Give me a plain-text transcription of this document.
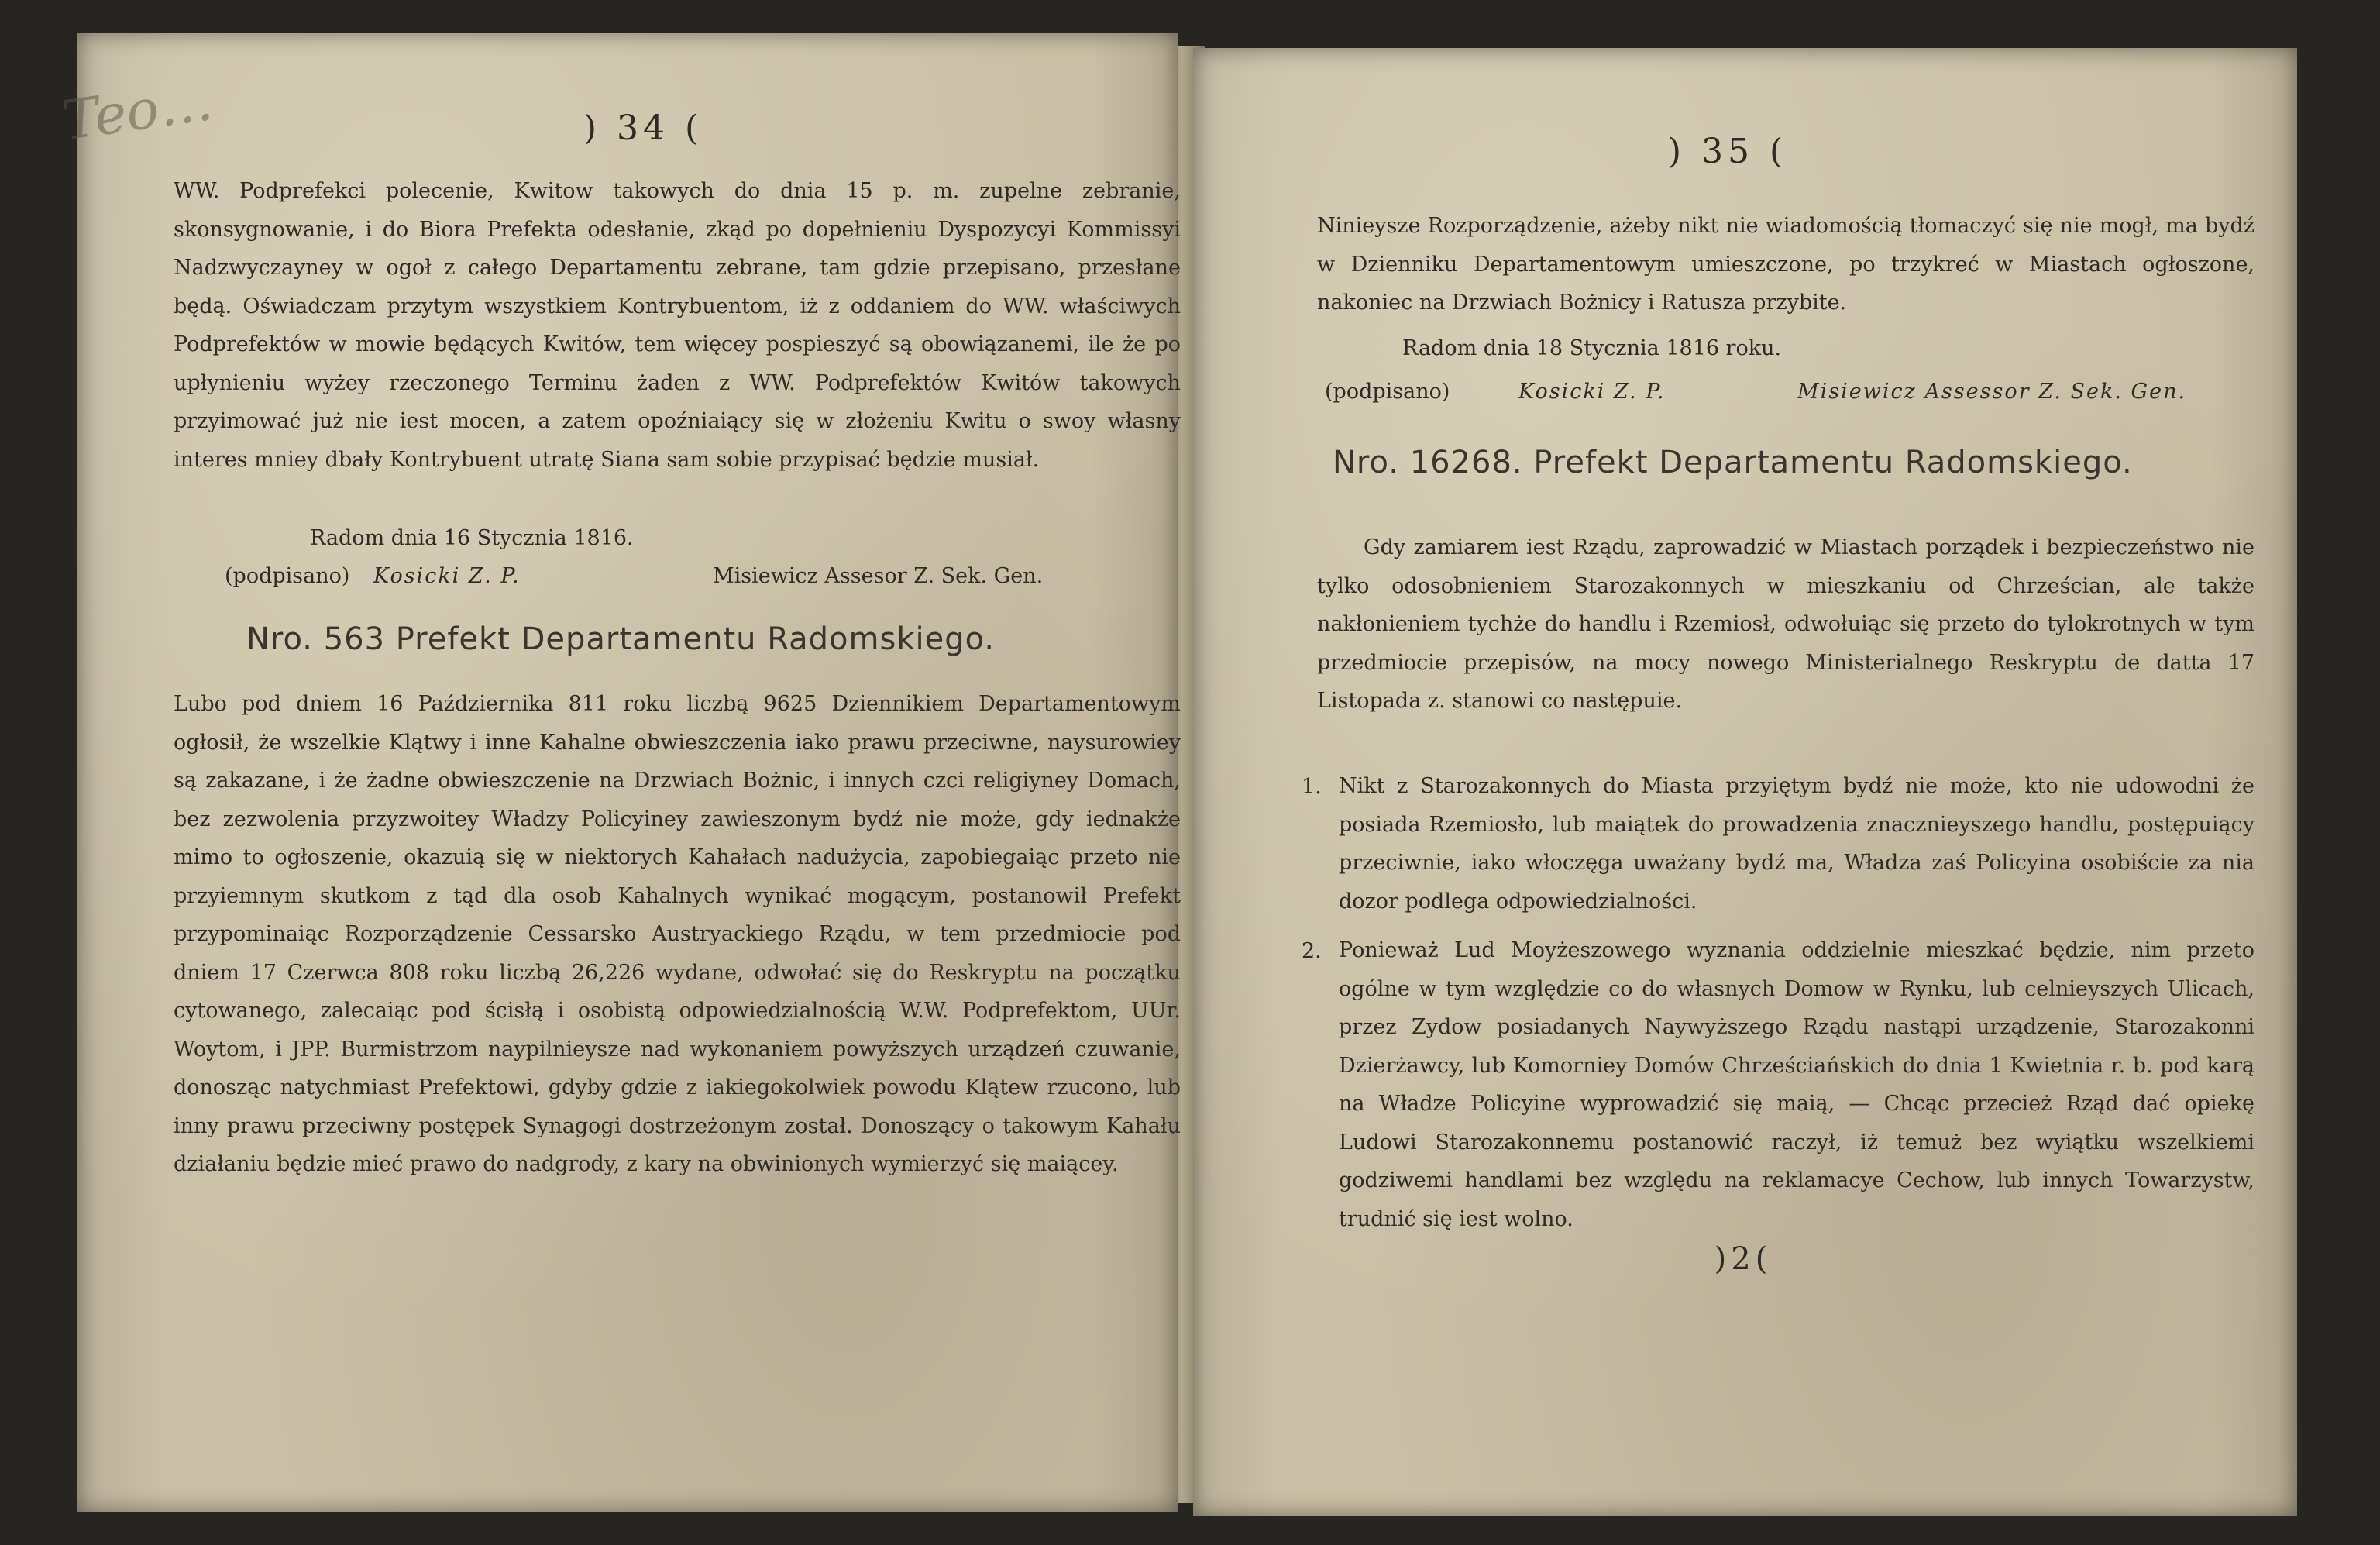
Teo…	) 34 (

WW. Podprefekci polecenie, Kwitow takowych do dnia 15 p. m. zupelne zebranie, skonsygnowanie, i do Biora Prefekta odesłanie, zkąd po dopełnieniu Dyspozycyi Kommissyi Nadzwyczayney w ogoł z całego Departamentu zebrane, tam gdzie przepisano, przesłane będą. Oświadczam przytym wszystkiem Kontrybuentom, iż z oddaniem do WW. właściwych Podprefektów w mowie będących Kwitów, tem więcey pospieszyć są obowiązanemi, ile że po upłynieniu wyżey rzeczonego Terminu żaden z WW. Podprefektów Kwitów takowych przyimować już nie iest mocen, a zatem opoźniaiący się w złożeniu Kwitu o swoy własny interes mniey dbały Kontrybuent utratę Siana sam sobie przypisać będzie musiał.

Radom dnia 16 Stycznia 1816.
(podpisano) Kosicki Z. P.	Misiewicz Assesor Z. Sek. Gen.
Nro. 563 Prefekt Departamentu Radomskiego.

Lubo pod dniem 16 Października 811 roku liczbą 9625 Dziennikiem Departamentowym ogłosił, że wszelkie Klątwy i inne Kahalne obwieszczenia iako prawu przeciwne, naysurowiey są zakazane, i że żadne obwieszczenie na Drzwiach Bożnic, i innych czci religiyney Domach, bez zezwolenia przyzwoitey Władzy Policyiney zawieszonym bydź nie może, gdy iednakże mimo to ogłoszenie, okazuią się w niektorych Kahałach nadużycia, zapobiegaiąc przeto nie przyiemnym skutkom z tąd dla osob Kahalnych wynikać mogącym, postanowił Prefekt przypominaiąc Rozporządzenie Cessarsko Austryackiego Rządu, w tem przedmiocie pod dniem 17 Czerwca 808 roku liczbą 26,226 wydane, odwołać się do Reskryptu na początku cytowanego, zalecaiąc pod ścisłą i osobistą odpowiedzialnością W.W. Podprefektom, UUr. Woytom, i JPP. Burmistrzom naypilnieysze nad wykonaniem powyższych urządzeń czuwanie, donosząc natychmiast Prefektowi, gdyby gdzie z iakiegokolwiek powodu Klątew rzucono, lub inny prawu przeciwny postępek Synagogi dostrzeżonym został. Donoszący o takowym Kahału działaniu będzie mieć prawo do nadgrody, z kary na obwinionych wymierzyć się maiącey.

) 35 (

Ninieysze Rozporządzenie, ażeby nikt nie wiadomością tłomaczyć się nie mogł, ma bydź w Dzienniku Departamentowym umieszczone, po trzykreć w Miastach ogłoszone, nakoniec na Drzwiach Bożnicy i Ratusza przybite.

Radom dnia 18 Stycznia 1816 roku.
(podpisano)	Kosicki Z. P.	Misiewicz Assessor Z. Sek. Gen.
Nro. 16268. Prefekt Departamentu Radomskiego.

Gdy zamiarem iest Rządu, zaprowadzić w Miastach porządek i bezpieczeństwo nie tylko odosobnieniem Starozakonnych w mieszkaniu od Chrześcian, ale także nakłonieniem tychże do handlu i Rzemiosł, odwołuiąc się przeto do tylokrotnych w tym przedmiocie przepisów, na mocy nowego Ministerialnego Reskryptu de datta 17 Listopada z. stanowi co następuie.

1. Nikt z Starozakonnych do Miasta przyiętym bydź nie może, kto nie udowodni że posiada Rzemiosło, lub maiątek do prowadzenia znacznieyszego handlu, postępuiący przeciwnie, iako włoczęga uważany bydź ma, Władza zaś Policyina osobiście za nia dozor podlega odpowiedzialności.

2. Ponieważ Lud Moyżeszowego wyznania oddzielnie mieszkać będzie, nim przeto ogólne w tym względzie co do własnych Domow w Rynku, lub celnieyszych Ulicach, przez Zydow posiadanych Naywyższego Rządu nastąpi urządzenie, Starozakonni Dzierżawcy, lub Komorniey Domów Chrześciańskich do dnia 1 Kwietnia r. b. pod karą na Władze Policyine wyprowadzić się maią, — Chcąc przecież Rząd dać opiekę Ludowi Starozakonnemu postanowić raczył, iż temuż bez wyiątku wszelkiemi godziwemi handlami bez względu na reklamacye Cechow, lub innych Towarzystw, trudnić się iest wolno.

)2(
